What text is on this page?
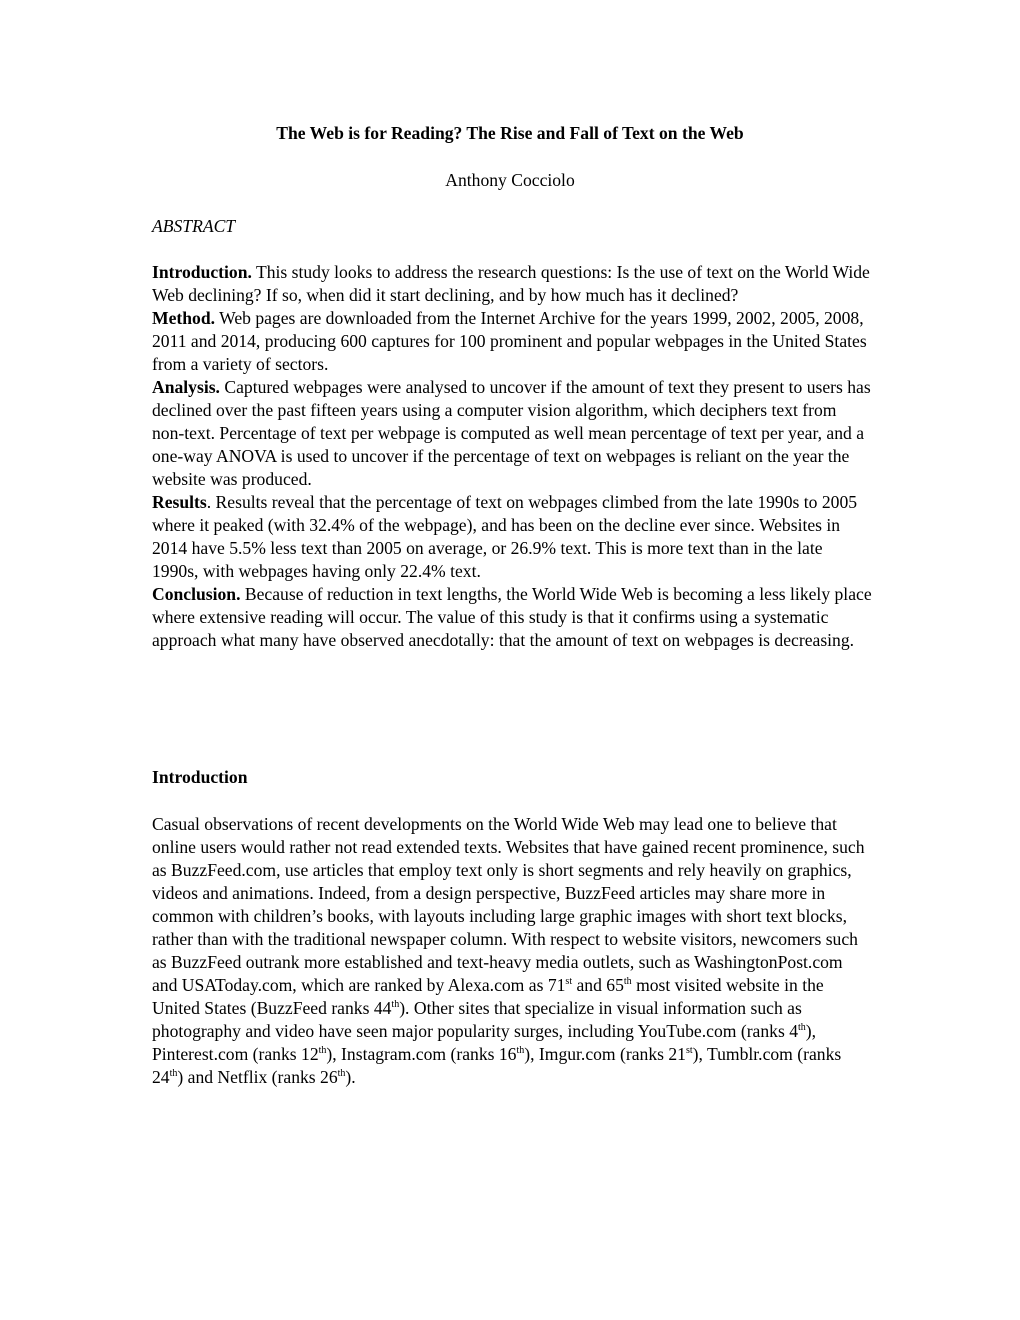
The Web is for Reading? The Rise and Fall of Text on the Web
Anthony Cocciolo
ABSTRACT

Introduction. This study looks to address the research questions: Is the use of text on the World Wide Web declining? If so, when did it start declining, and by how much has it declined?

Method. Web pages are downloaded from the Internet Archive for the years 1999, 2002, 2005, 2008, 2011 and 2014, producing 600 captures for 100 prominent and popular webpages in the United States from a variety of sectors.

Analysis. Captured webpages were analysed to uncover if the amount of text they present to users has declined over the past fifteen years using a computer vision algorithm, which deciphers text from non-text. Percentage of text per webpage is computed as well mean percentage of text per year, and a one-way ANOVA is used to uncover if the percentage of text on webpages is reliant on the year the website was produced.

Results. Results reveal that the percentage of text on webpages climbed from the late 1990s to 2005 where it peaked (with 32.4% of the webpage), and has been on the decline ever since. Websites in 2014 have 5.5% less text than 2005 on average, or 26.9% text. This is more text than in the late 1990s, with webpages having only 22.4% text.

Conclusion. Because of reduction in text lengths, the World Wide Web is becoming a less likely place where extensive reading will occur. The value of this study is that it confirms using a systematic approach what many have observed anecdotally: that the amount of text on webpages is decreasing.

Introduction

Casual observations of recent developments on the World Wide Web may lead one to believe that online users would rather not read extended texts. Websites that have gained recent prominence, such as BuzzFeed.com, use articles that employ text only is short segments and rely heavily on graphics, videos and animations. Indeed, from a design perspective, BuzzFeed articles may share more in common with children’s books, with layouts including large graphic images with short text blocks, rather than with the traditional newspaper column. With respect to website visitors, newcomers such as BuzzFeed outrank more established and text-heavy media outlets, such as WashingtonPost.com and USAToday.com, which are ranked by Alexa.com as 71st and 65th most visited website in the United States (BuzzFeed ranks 44th). Other sites that specialize in visual information such as photography and video have seen major popularity surges, including YouTube.com (ranks 4th), Pinterest.com (ranks 12th), Instagram.com (ranks 16th), Imgur.com (ranks 21st), Tumblr.com (ranks 24th) and Netflix (ranks 26th).
